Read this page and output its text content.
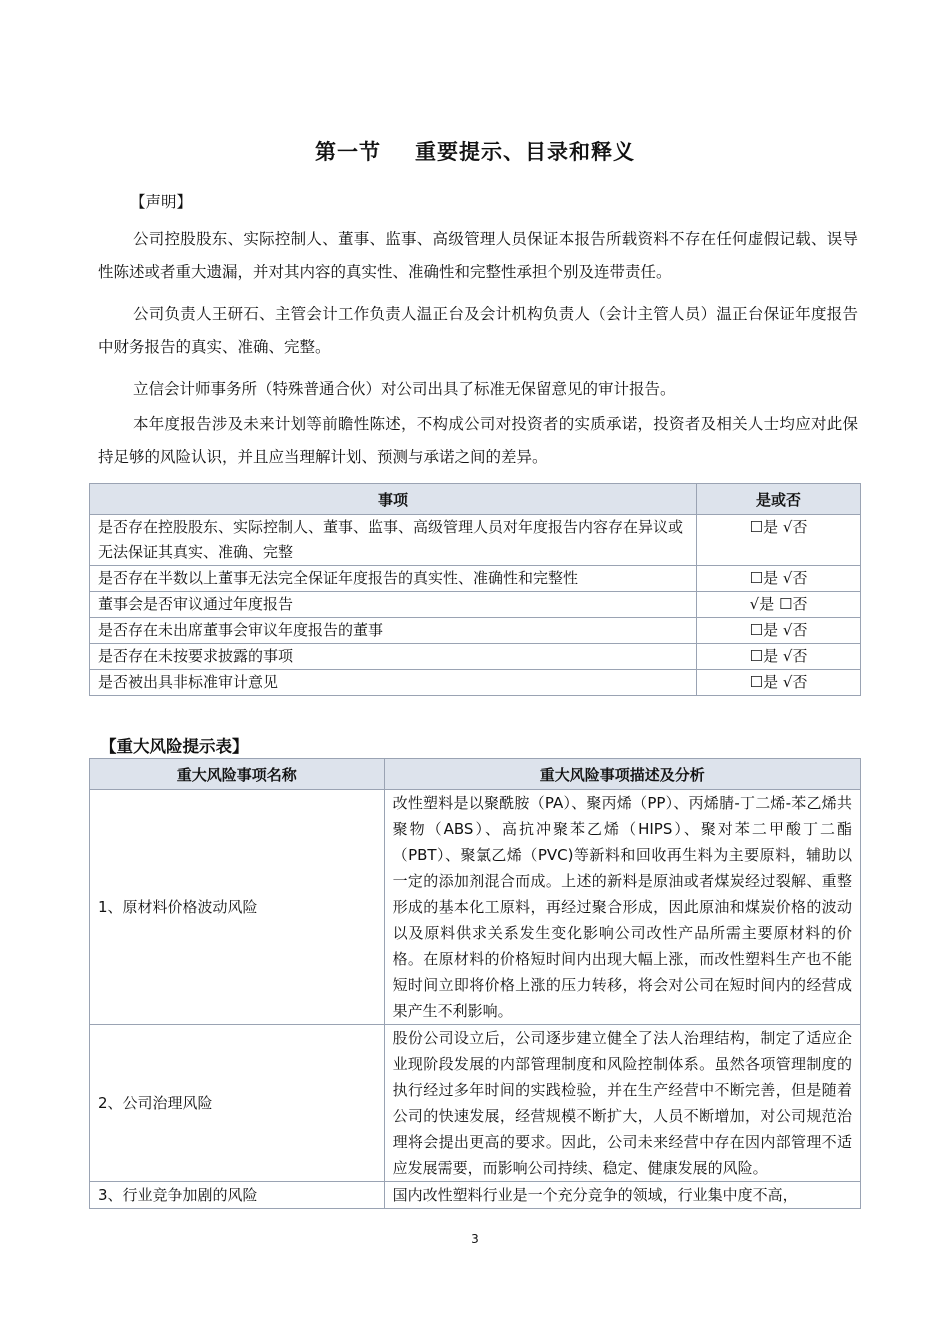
第一节 重要提示、目录和释义
【声明】
公司控股股东、实际控制人、董事、监事、高级管理人员保证本报告所载资料不存在任何虚假记载、误导性陈述或者重大遗漏，并对其内容的真实性、准确性和完整性承担个别及连带责任。
公司负责人王研石、主管会计工作负责人温正台及会计机构负责人（会计主管人员）温正台保证年度报告中财务报告的真实、准确、完整。
立信会计师事务所（特殊普通合伙）对公司出具了标准无保留意见的审计报告。
本年度报告涉及未来计划等前瞻性陈述，不构成公司对投资者的实质承诺，投资者及相关人士均应对此保持足够的风险认识，并且应当理解计划、预测与承诺之间的差异。
事项	是或否
是否存在控股股东、实际控制人、董事、监事、高级管理人员对年度报告内容存在异议或无法保证其真实、准确、完整	☐是 √否
是否存在半数以上董事无法完全保证年度报告的真实性、准确性和完整性	☐是 √否
董事会是否审议通过年度报告	√是 ☐否
是否存在未出席董事会审议年度报告的董事	☐是 √否
是否存在未按要求披露的事项	☐是 √否
是否被出具非标准审计意见	☐是 √否
【重大风险提示表】
重大风险事项名称	重大风险事项描述及分析
1、原材料价格波动风险	改性塑料是以聚酰胺（PA）、聚丙烯（PP）、丙烯腈-丁二烯-苯乙烯共聚物（ABS）、高抗冲聚苯乙烯（HIPS）、聚对苯二甲酸丁二酯（PBT）、聚氯乙烯（PVC)等新料和回收再生料为主要原料，辅助以一定的添加剂混合而成。上述的新料是原油或者煤炭经过裂解、重整形成的基本化工原料，再经过聚合形成，因此原油和煤炭价格的波动以及原料供求关系发生变化影响公司改性产品所需主要原材料的价格。在原材料的价格短时间内出现大幅上涨，而改性塑料生产也不能短时间立即将价格上涨的压力转移，将会对公司在短时间内的经营成果产生不利影响。
2、公司治理风险	股份公司设立后，公司逐步建立健全了法人治理结构，制定了适应企业现阶段发展的内部管理制度和风险控制体系。虽然各项管理制度的执行经过多年时间的实践检验，并在生产经营中不断完善，但是随着公司的快速发展，经营规模不断扩大，人员不断增加，对公司规范治理将会提出更高的要求。因此，公司未来经营中存在因内部管理不适应发展需要，而影响公司持续、稳定、健康发展的风险。
3、行业竞争加剧的风险	国内改性塑料行业是一个充分竞争的领域，行业集中度不高，
3
